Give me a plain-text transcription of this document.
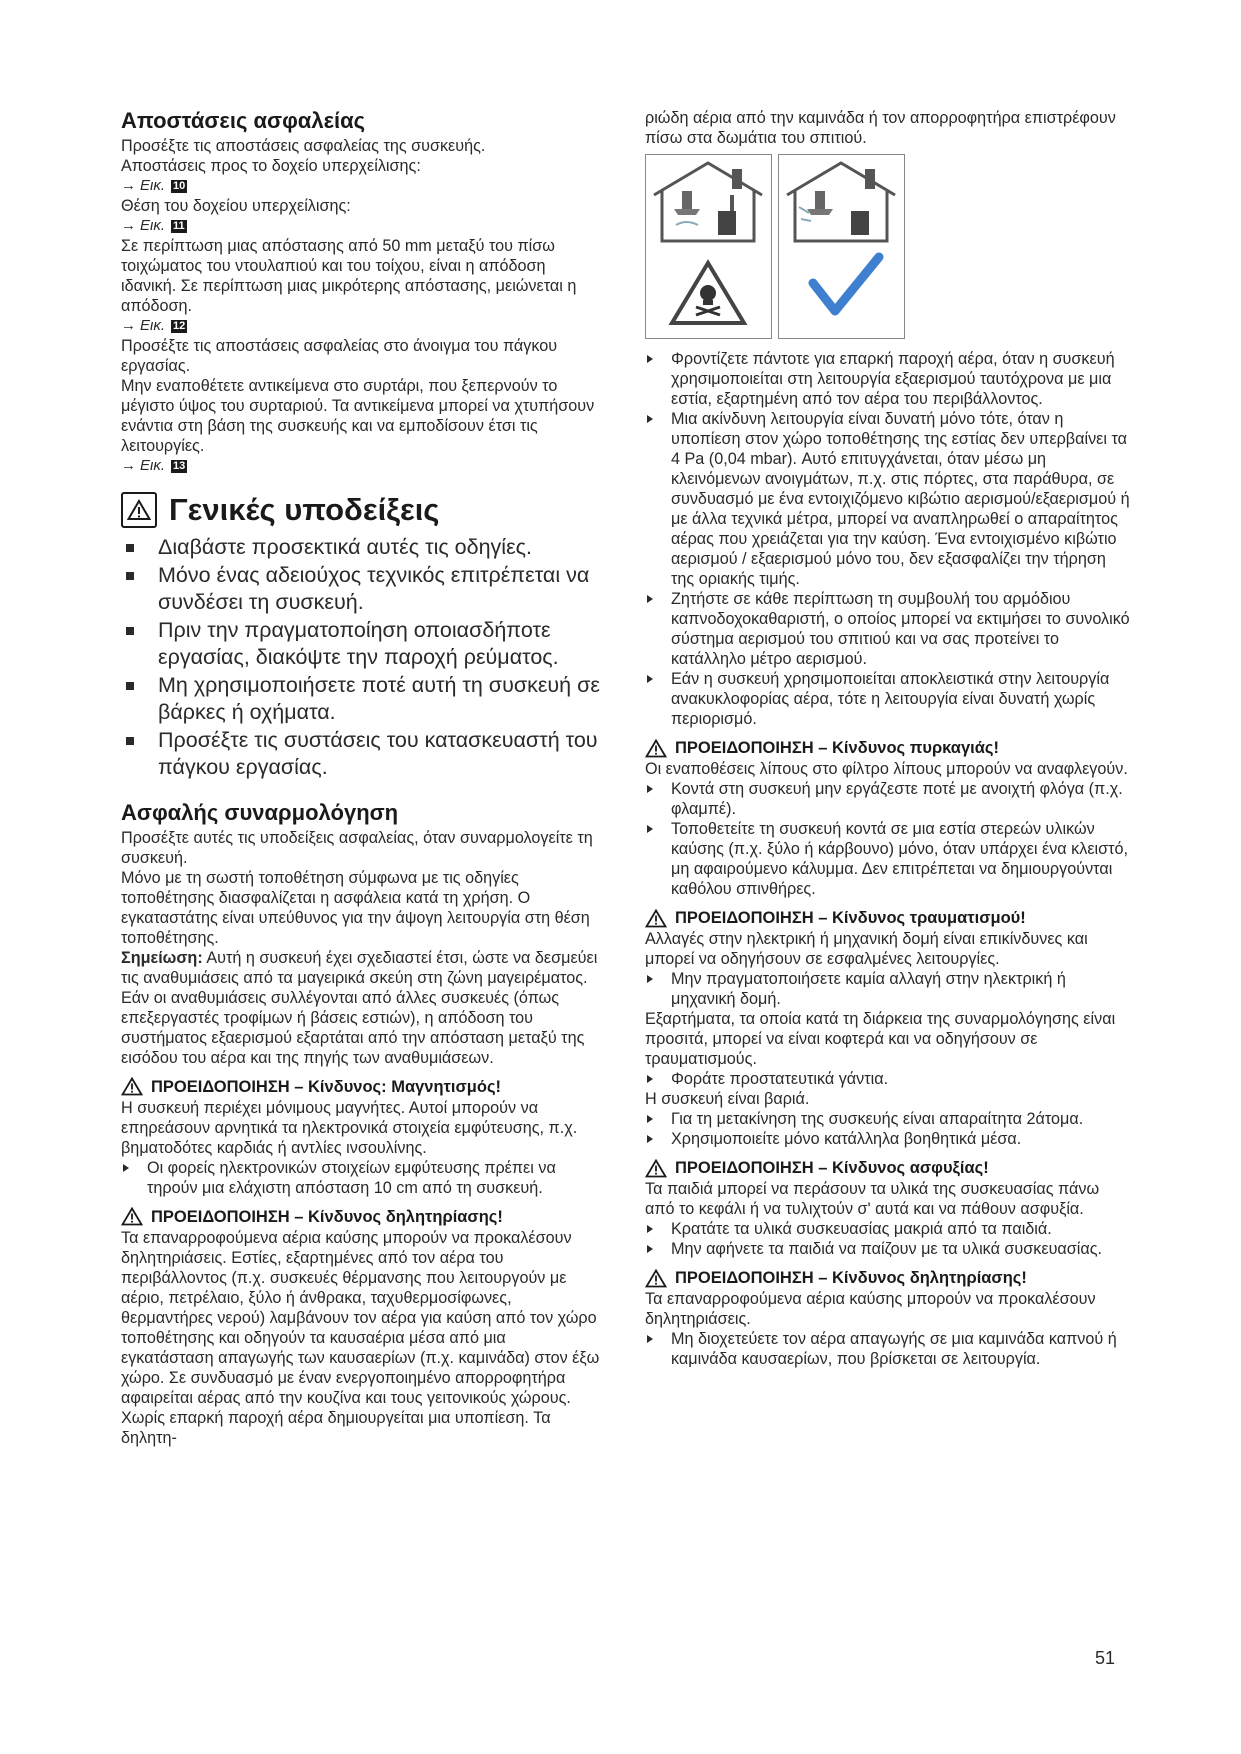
Αποστάσεις ασφαλείας

Προσέξτε τις αποστάσεις ασφαλείας της συσκευής.

Αποστάσεις προς το δοχείο υπερχείλισης:

→ Εικ. 10

Θέση του δοχείου υπερχείλισης:

→ Εικ. 11

Σε περίπτωση μιας απόστασης από 50 mm μεταξύ του πίσω τοιχώματος του ντουλαπιού και του τοίχου, είναι η απόδοση ιδανική. Σε περίπτωση μιας μικρότερης απόστασης, μειώνεται η απόδοση.

→ Εικ. 12

Προσέξτε τις αποστάσεις ασφαλείας στο άνοιγμα του πάγκου εργασίας.

Μην εναποθέτετε αντικείμενα στο συρτάρι, που ξεπερνούν το μέγιστο ύψος του συρταριού. Τα αντικείμενα μπορεί να χτυπήσουν ενάντια στη βάση της συσκευής και να εμποδίσουν έτσι τις λειτουργίες.

→ Εικ. 13

Γενικές υποδείξεις
Διαβάστε προσεκτικά αυτές τις οδηγίες.
Μόνο ένας αδειούχος τεχνικός επιτρέπεται να συνδέσει τη συσκευή.
Πριν την πραγματοποίηση οποιασδήποτε εργασίας, διακόψτε την παροχή ρεύματος.
Μη χρησιμοποιήσετε ποτέ αυτή τη συσκευή σε βάρκες ή οχήματα.
Προσέξτε τις συστάσεις του κατασκευαστή του πάγκου εργασίας.
Ασφαλής συναρμολόγηση

Προσέξτε αυτές τις υποδείξεις ασφαλείας, όταν συναρμολογείτε τη συσκευή.

Μόνο με τη σωστή τοποθέτηση σύμφωνα με τις οδηγίες τοποθέτησης διασφαλίζεται η ασφάλεια κατά τη χρήση. Ο εγκαταστάτης είναι υπεύθυνος για την άψογη λειτουργία στη θέση τοποθέτησης.

Σημείωση: Αυτή η συσκευή έχει σχεδιαστεί έτσι, ώστε να δεσμεύει τις αναθυμιάσεις από τα μαγειρικά σκεύη στη ζώνη μαγειρέματος. Εάν οι αναθυμιάσεις συλλέγονται από άλλες συσκευές (όπως επεξεργαστές τροφίμων ή βάσεις εστιών), η απόδοση του συστήματος εξαερισμού εξαρτάται από την απόσταση μεταξύ της εισόδου του αέρα και της πηγής των αναθυμιάσεων.

ΠΡΟΕΙΔΟΠΟΙΗΣΗ – Κίνδυνος: Μαγνητισμός!

Η συσκευή περιέχει μόνιμους μαγνήτες. Αυτοί μπορούν να επηρεάσουν αρνητικά τα ηλεκτρονικά στοιχεία εμφύτευσης, π.χ. βηματοδότες καρδιάς ή αντλίες ινσουλίνης.

Οι φορείς ηλεκτρονικών στοιχείων εμφύτευσης πρέπει να τηρούν μια ελάχιστη απόσταση 10 cm από τη συσκευή.
ΠΡΟΕΙΔΟΠΟΙΗΣΗ – Κίνδυνος δηλητηρίασης!

Τα επαναρροφούμενα αέρια καύσης μπορούν να προκαλέσουν δηλητηριάσεις. Εστίες, εξαρτημένες από τον αέρα του περιβάλλοντος (π.χ. συσκευές θέρμανσης που λειτουργούν με αέριο, πετρέλαιο, ξύλο ή άνθρακα, ταχυθερμοσίφωνες, θερμαντήρες νερού) λαμβάνουν τον αέρα για καύση από τον χώρο τοποθέτησης και οδηγούν τα καυσαέρια μέσα από μια εγκατάσταση απαγωγής των καυσαερίων (π.χ. καμινάδα) στον έξω χώρο. Σε συνδυασμό με έναν ενεργοποιημένο απορροφητήρα αφαιρείται αέρας από την κουζίνα και τους γειτονικούς χώρους. Χωρίς επαρκή παροχή αέρα δημιουργείται μια υποπίεση. Τα δηλητη-

ριώδη αέρια από την καμινάδα ή τον απορροφητήρα επιστρέφουν πίσω στα δωμάτια του σπιτιού.

Φροντίζετε πάντοτε για επαρκή παροχή αέρα, όταν η συσκευή χρησιμοποιείται στη λειτουργία εξαερισμού ταυτόχρονα με μια εστία, εξαρτημένη από τον αέρα του περιβάλλοντος.
Μια ακίνδυνη λειτουργία είναι δυνατή μόνο τότε, όταν η υποπίεση στον χώρο τοποθέτησης της εστίας δεν υπερβαίνει τα 4 Pa (0,04 mbar). Αυτό επιτυγχάνεται, όταν μέσω μη κλεινόμενων ανοιγμάτων, π.χ. στις πόρτες, στα παράθυρα, σε συνδυασμό με ένα εντοιχιζόμενο κιβώτιο αερισμού/εξαερισμού ή με άλλα τεχνικά μέτρα, μπορεί να αναπληρωθεί ο απαραίτητος αέρας που χρειάζεται για την καύση. Ένα εντοιχισμένο κιβώτιο αερισμού / εξαερισμού μόνο του, δεν εξασφαλίζει την τήρηση της οριακής τιμής.
Ζητήστε σε κάθε περίπτωση τη συμβουλή του αρμόδιου καπνοδοχοκαθαριστή, ο οποίος μπορεί να εκτιμήσει το συνολικό σύστημα αερισμού του σπιτιού και να σας προτείνει το κατάλληλο μέτρο αερισμού.
Εάν η συσκευή χρησιμοποιείται αποκλειστικά στην λειτουργία ανακυκλοφορίας αέρα, τότε η λειτουργία είναι δυνατή χωρίς περιορισμό.
ΠΡΟΕΙΔΟΠΟΙΗΣΗ – Κίνδυνος πυρκαγιάς!

Οι εναποθέσεις λίπους στο φίλτρο λίπους μπορούν να αναφλεγούν.

Κοντά στη συσκευή μην εργάζεστε ποτέ με ανοιχτή φλόγα (π.χ. φλαμπέ).
Τοποθετείτε τη συσκευή κοντά σε μια εστία στερεών υλικών καύσης (π.χ. ξύλο ή κάρβουνο) μόνο, όταν υπάρχει ένα κλειστό, μη αφαιρούμενο κάλυμμα. Δεν επιτρέπεται να δημιουργούνται καθόλου σπινθήρες.
ΠΡΟΕΙΔΟΠΟΙΗΣΗ – Κίνδυνος τραυματισμού!

Αλλαγές στην ηλεκτρική ή μηχανική δομή είναι επικίνδυνες και μπορεί να οδηγήσουν σε εσφαλμένες λειτουργίες.

Μην πραγματοποιήσετε καμία αλλαγή στην ηλεκτρική ή μηχανική δομή.

Εξαρτήματα, τα οποία κατά τη διάρκεια της συναρμολόγησης είναι προσιτά, μπορεί να είναι κοφτερά και να οδηγήσουν σε τραυματισμούς.

Φοράτε προστατευτικά γάντια.

Η συσκευή είναι βαριά.

Για τη μετακίνηση της συσκευής είναι απαραίτητα 2άτομα.
Χρησιμοποιείτε μόνο κατάλληλα βοηθητικά μέσα.
ΠΡΟΕΙΔΟΠΟΙΗΣΗ – Κίνδυνος ασφυξίας!

Τα παιδιά μπορεί να περάσουν τα υλικά της συσκευασίας πάνω από το κεφάλι ή να τυλιχτούν σ' αυτά και να πάθουν ασφυξία.

Κρατάτε τα υλικά συσκευασίας μακριά από τα παιδιά.
Μην αφήνετε τα παιδιά να παίζουν με τα υλικά συσκευασίας.
ΠΡΟΕΙΔΟΠΟΙΗΣΗ – Κίνδυνος δηλητηρίασης!

Τα επαναρροφούμενα αέρια καύσης μπορούν να προκαλέσουν δηλητηριάσεις.

Μη διοχετεύετε τον αέρα απαγωγής σε μια καμινάδα καπνού ή καμινάδα καυσαερίων, που βρίσκεται σε λειτουργία.
51
